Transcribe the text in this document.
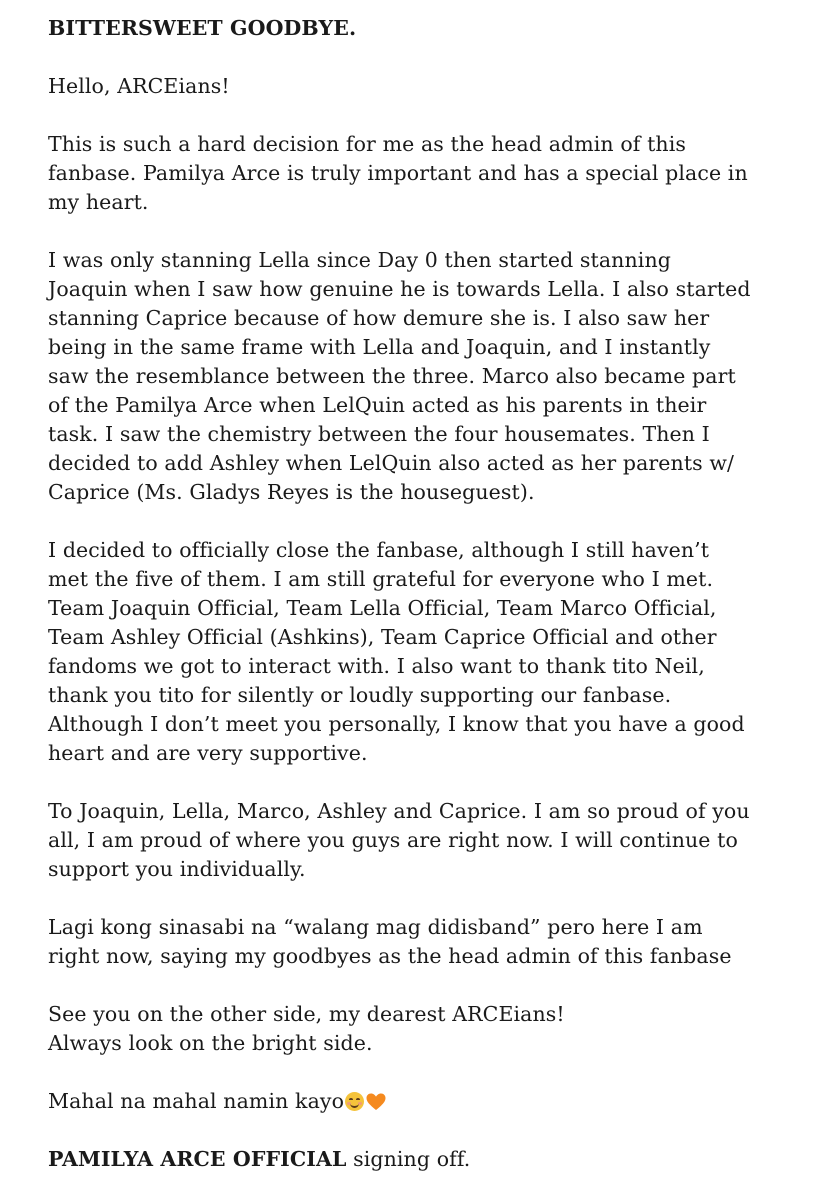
BITTERSWEET GOODBYE.

Hello, ARCEians!

This is such a hard decision for me as the head admin of this
fanbase. Pamilya Arce is truly important and has a special place in
my heart.

I was only stanning Lella since Day 0 then started stanning
Joaquin when I saw how genuine he is towards Lella. I also started
stanning Caprice because of how demure she is. I also saw her
being in the same frame with Lella and Joaquin, and I instantly
saw the resemblance between the three. Marco also became part
of the Pamilya Arce when LelQuin acted as his parents in their
task. I saw the chemistry between the four housemates. Then I
decided to add Ashley when LelQuin also acted as her parents w/
Caprice (Ms. Gladys Reyes is the houseguest).

I decided to officially close the fanbase, although I still haven’t
met the five of them. I am still grateful for everyone who I met.
Team Joaquin Official, Team Lella Official, Team Marco Official,
Team Ashley Official (Ashkins), Team Caprice Official and other
fandoms we got to interact with. I also want to thank tito Neil,
thank you tito for silently or loudly supporting our fanbase.
Although I don’t meet you personally, I know that you have a good
heart and are very supportive.

To Joaquin, Lella, Marco, Ashley and Caprice. I am so proud of you
all, I am proud of where you guys are right now. I will continue to
support you individually.

Lagi kong sinasabi na “walang mag didisband” pero here I am
right now, saying my goodbyes as the head admin of this fanbase

See you on the other side, my dearest ARCEians!
Always look on the bright side.

Mahal na mahal namin kayo

PAMILYA ARCE OFFICIAL signing off.
